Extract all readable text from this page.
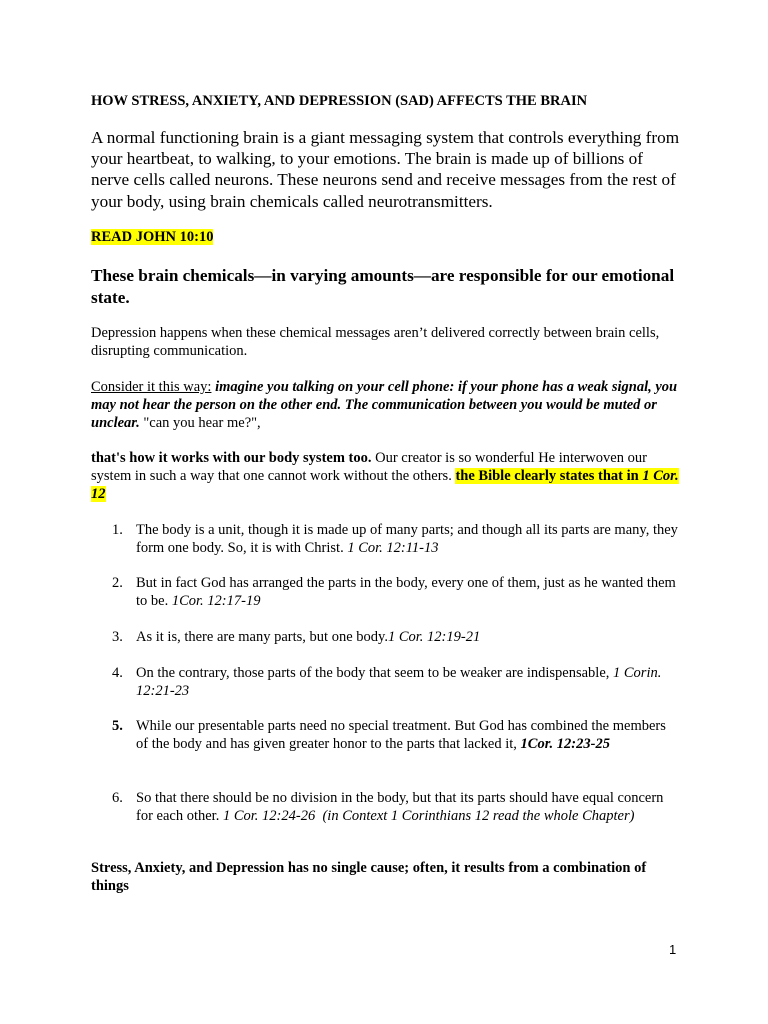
HOW STRESS, ANXIETY, AND DEPRESSION (SAD) AFFECTS THE BRAIN
A normal functioning brain is a giant messaging system that controls everything from your heartbeat, to walking, to your emotions. The brain is made up of billions of nerve cells called neurons. These neurons send and receive messages from the rest of your body, using brain chemicals called neurotransmitters.
READ JOHN 10:10
These brain chemicals—in varying amounts—are responsible for our emotional state.
Depression happens when these chemical messages aren’t delivered correctly between brain cells, disrupting communication.
Consider it this way: imagine you talking on your cell phone: if your phone has a weak signal, you may not hear the person on the other end. The communication between you would be muted or unclear. "can you hear me?",
that's how it works with our body system too. Our creator is so wonderful He interwoven our system in such a way that one cannot work without the others. the Bible clearly states that in 1 Cor. 12
1. The body is a unit, though it is made up of many parts; and though all its parts are many, they form one body. So, it is with Christ. 1 Cor. 12:11-13
2. But in fact God has arranged the parts in the body, every one of them, just as he wanted them to be. 1Cor. 12:17-19
3. As it is, there are many parts, but one body.1 Cor. 12:19-21
4. On the contrary, those parts of the body that seem to be weaker are indispensable, 1 Corin. 12:21-23
5. While our presentable parts need no special treatment. But God has combined the members of the body and has given greater honor to the parts that lacked it, 1Cor. 12:23-25
6. So that there should be no division in the body, but that its parts should have equal concern for each other. 1 Cor. 12:24-26 (in Context 1 Corinthians 12 read the whole Chapter)
Stress, Anxiety, and Depression has no single cause; often, it results from a combination of things
1
